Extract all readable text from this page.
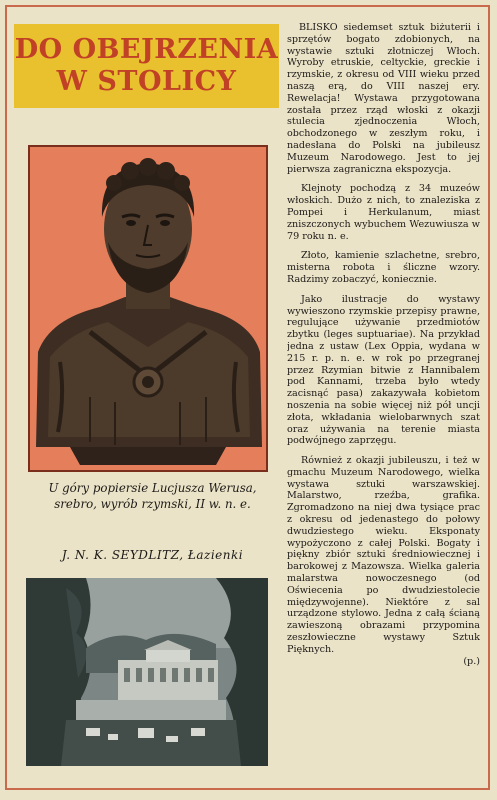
DO OBEJRZENIA
W STOLICY
U góry popiersie Lucjusza Werusa, srebro, wyrób rzymski, II w. n. e.
J. N. K. SEYDLITZ, Łazienki

BLISKO siedemset sztuk biżuterii i sprzętów bogato zdobionych, na wystawie sztuki złotniczej Włoch. Wyroby etruskie, celtyckie, greckie i rzymskie, z okresu od VIII wieku przed naszą erą, do VIII naszej ery. Rewelacja! Wystawa przygotowana została przez rząd włoski z okazji stulecia zjednoczenia Włoch, obchodzonego w zeszłym roku, i nadesłana do Polski na jubileusz Muzeum Narodowego. Jest to jej pierwsza zagraniczna ekspozycja.

Klejnoty pochodzą z 34 muzeów włoskich. Dużo z nich, to znaleziska z Pompei i Herkulanum, miast zniszczonych wybuchem Wezuwiusza w 79 roku n. e.

Złoto, kamienie szlachetne, srebro, misterna robota i śliczne wzory. Radzimy zobaczyć, koniecznie.

Jako ilustracje do wystawy wywieszono rzymskie przepisy prawne, regulujące używanie przedmiotów zbytku (leges suptuariae). Na przykład jedna z ustaw (Lex Oppia, wydana w 215 r. p. n. e. w rok po przegranej przez Rzymian bitwie z Hannibalem pod Kannami, trzeba było wtedy zacisnąć pasa) zakazywała kobietom noszenia na sobie więcej niż pół uncji złota, wkładania wielobarwnych szat oraz używania na terenie miasta podwójnego zaprzęgu.

Również z okazji jubileuszu, i też w gmachu Muzeum Narodowego, wielka wystawa sztuki warszawskiej. Malarstwo, rzeźba, grafika. Zgromadzono na niej dwa tysiące prac z okresu od jedenastego do połowy dwudziestego wieku. Eksponaty wypożyczono z całej Polski. Bogaty i piękny zbiór sztuki średniowiecznej i barokowej z Mazowsza. Wielka galeria malarstwa nowoczesnego (od Oświecenia po dwudziestolecie międzywojenne). Niektóre z sal urządzone stylowo. Jedna z całą ścianą zawieszoną obrazami przypomina zeszłowieczne wystawy Sztuk Pięknych.

(p.)
